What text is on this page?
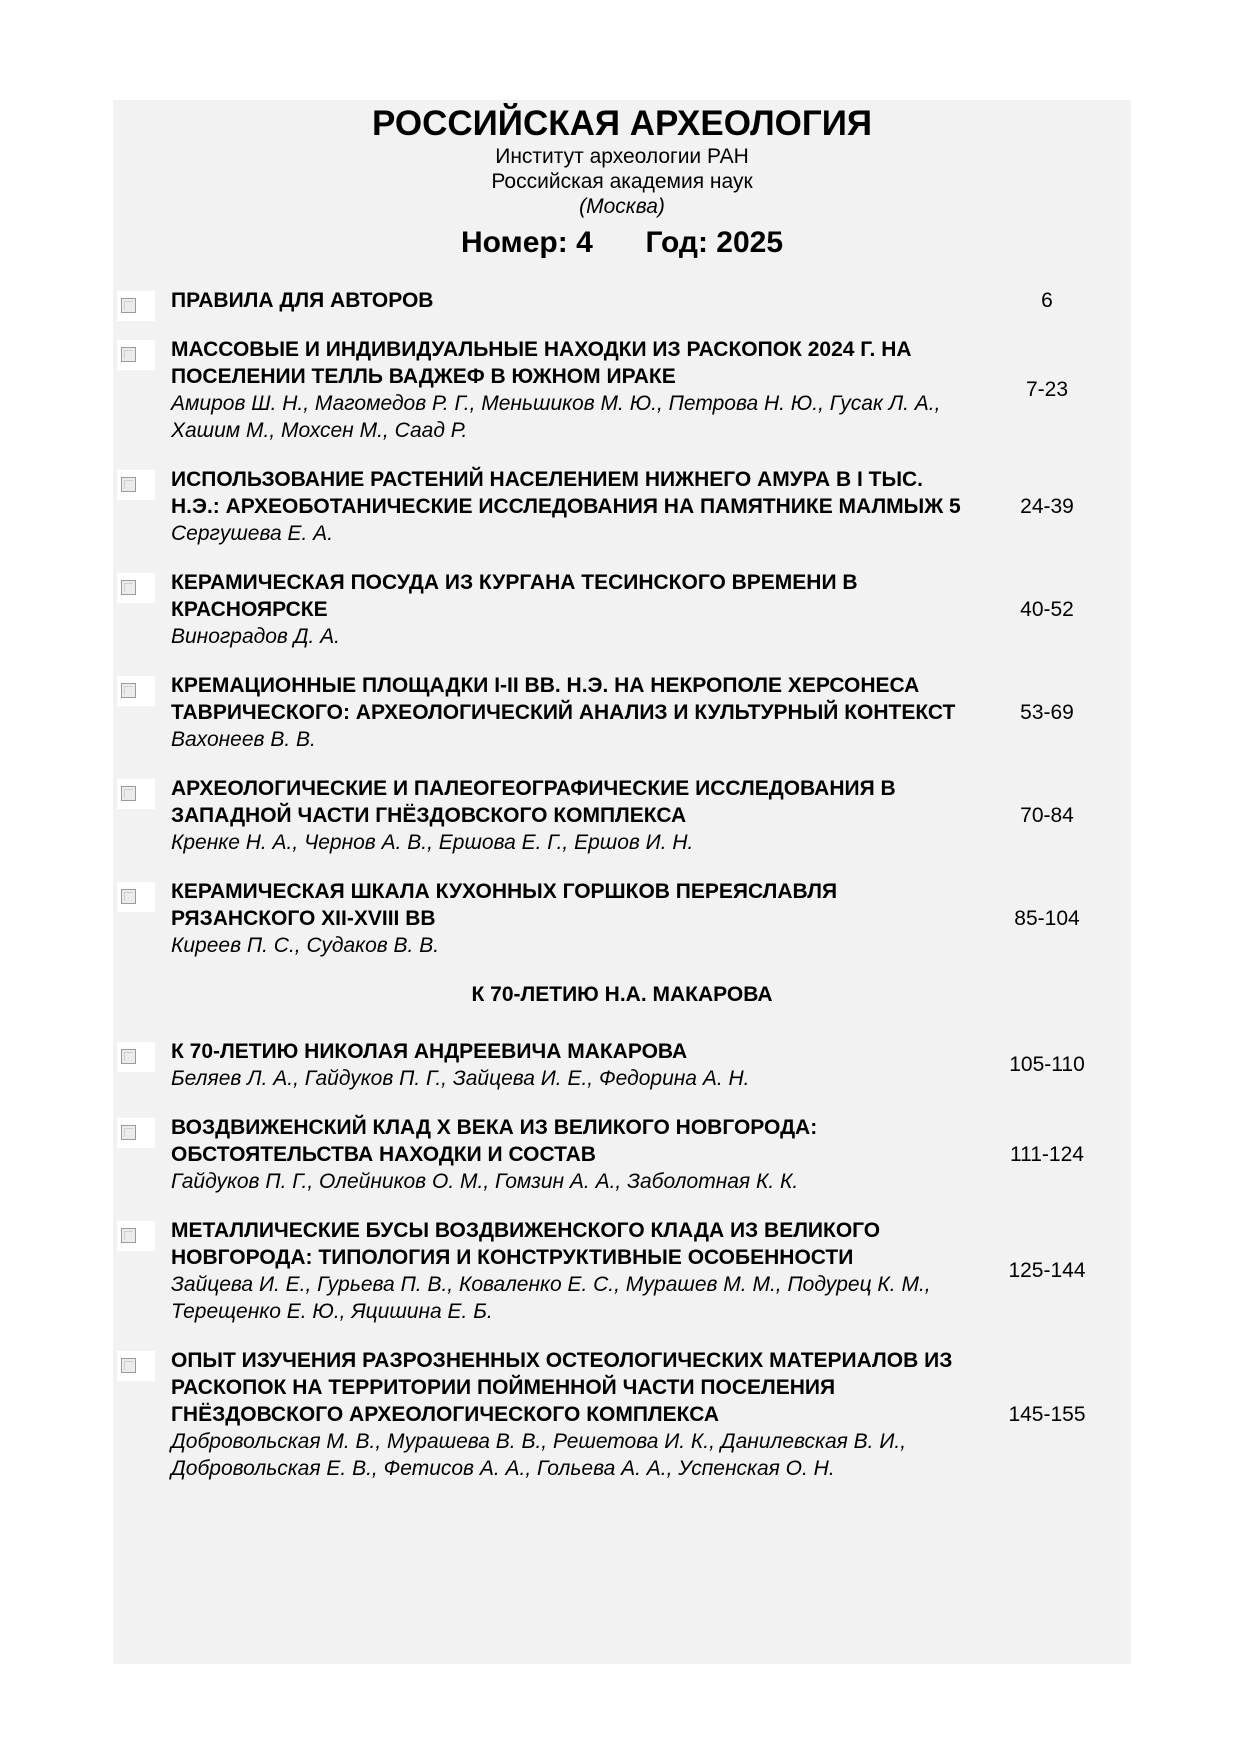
РОССИЙСКАЯ АРХЕОЛОГИЯ
Институт археологии РАН
Российская академия наук
(Москва)
Номер: 4 Год: 2025
ПРАВИЛА ДЛЯ АВТОРОВ	6
МАССОВЫЕ И ИНДИВИДУАЛЬНЫЕ НАХОДКИ ИЗ РАСКОПОК 2024 Г. НА ПОСЕЛЕНИИ ТЕЛЛЬ ВАДЖЕФ В ЮЖНОМ ИРАКЕ
Амиров Ш. Н., Магомедов Р. Г., Меньшиков М. Ю., Петрова Н. Ю., Гусак Л. А., Хашим М., Мохсен М., Саад Р.
7-23
ИСПОЛЬЗОВАНИЕ РАСТЕНИЙ НАСЕЛЕНИЕМ НИЖНЕГО АМУРА В I ТЫС. Н.Э.: АРХЕОБОТАНИЧЕСКИЕ ИССЛЕДОВАНИЯ НА ПАМЯТНИКЕ МАЛМЫЖ 5
Сергушева Е. А.
24-39
КЕРАМИЧЕСКАЯ ПОСУДА ИЗ КУРГАНА ТЕСИНСКОГО ВРЕМЕНИ В КРАСНОЯРСКЕ
Виноградов Д. А.
40-52
КРЕМАЦИОННЫЕ ПЛОЩАДКИ I-II ВВ. Н.Э. НА НЕКРОПОЛЕ ХЕРСОНЕСА ТАВРИЧЕСКОГО: АРХЕОЛОГИЧЕСКИЙ АНАЛИЗ И КУЛЬТУРНЫЙ КОНТЕКСТ
Вахонеев В. В.
53-69
АРХЕОЛОГИЧЕСКИЕ И ПАЛЕОГЕОГРАФИЧЕСКИЕ ИССЛЕДОВАНИЯ В ЗАПАДНОЙ ЧАСТИ ГНЁЗДОВСКОГО КОМПЛЕКСА
Кренке Н. А., Чернов А. В., Ершова Е. Г., Ершов И. Н.
70-84
КЕРАМИЧЕСКАЯ ШКАЛА КУХОННЫХ ГОРШКОВ ПЕРЕЯСЛАВЛЯ РЯЗАНСКОГО XII-XVIII ВВ
Киреев П. С., Судаков В. В.
85-104
К 70-ЛЕТИЮ Н.А. МАКАРОВА
К 70-ЛЕТИЮ НИКОЛАЯ АНДРЕЕВИЧА МАКАРОВА
Беляев Л. А., Гайдуков П. Г., Зайцева И. Е., Федорина А. Н.
105-110
ВОЗДВИЖЕНСКИЙ КЛАД X ВЕКА ИЗ ВЕЛИКОГО НОВГОРОДА: ОБСТОЯТЕЛЬСТВА НАХОДКИ И СОСТАВ
Гайдуков П. Г., Олейников О. М., Гомзин А. А., Заболотная К. К.
111-124
МЕТАЛЛИЧЕСКИЕ БУСЫ ВОЗДВИЖЕНСКОГО КЛАДА ИЗ ВЕЛИКОГО НОВГОРОДА: ТИПОЛОГИЯ И КОНСТРУКТИВНЫЕ ОСОБЕННОСТИ
Зайцева И. Е., Гурьева П. В., Коваленко Е. С., Мурашев М. М., Подурец К. М., Терещенко Е. Ю., Яцишина Е. Б.
125-144
ОПЫТ ИЗУЧЕНИЯ РАЗРОЗНЕННЫХ ОСТЕОЛОГИЧЕСКИХ МАТЕРИАЛОВ ИЗ РАСКОПОК НА ТЕРРИТОРИИ ПОЙМЕННОЙ ЧАСТИ ПОСЕЛЕНИЯ ГНЁЗДОВСКОГО АРХЕОЛОГИЧЕСКОГО КОМПЛЕКСА
Добровольская М. В., Мурашева В. В., Решетова И. К., Данилевская В. И., Добровольская Е. В., Фетисов А. А., Гольева А. А., Успенская О. Н.
145-155
